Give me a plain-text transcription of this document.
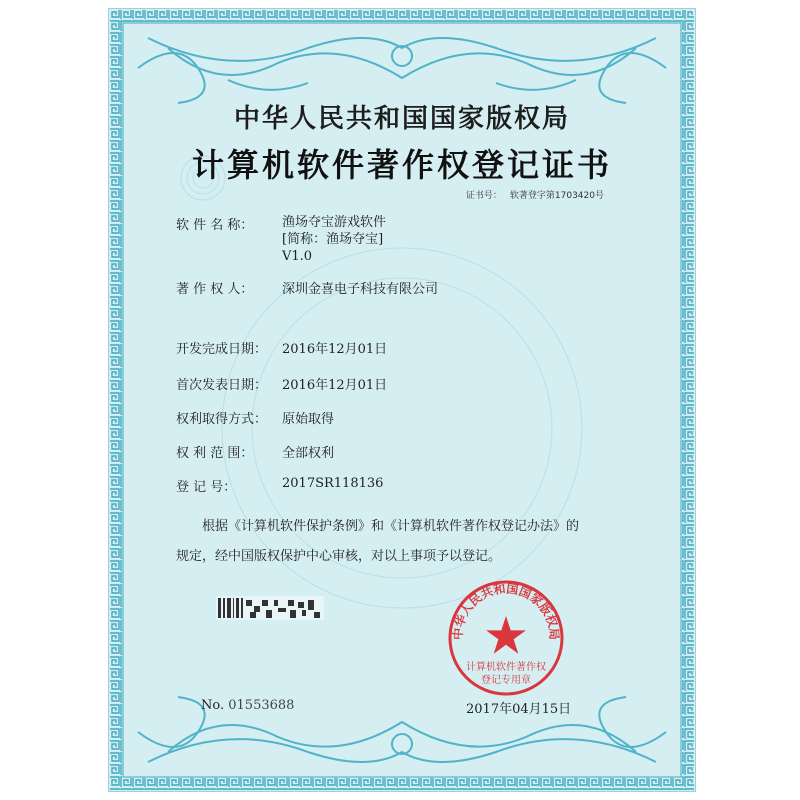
中华人民共和国国家版权局
计算机软件著作权登记证书
证书号： 软著登字第1703420号
软 件 名 称： 渔场夺宝游戏软件
[简称：渔场夺宝]
V1.0
著 作 权 人： 深圳金喜电子科技有限公司
开发完成日期： 2016年12月01日
首次发表日期： 2016年12月01日
权利取得方式： 原始取得
权 利 范 围： 全部权利
登 记 号：	2017SR118136
根据《计算机软件保护条例》和《计算机软件著作权登记办法》的
规定，经中国版权保护中心审核，对以上事项予以登记。
中华人民共和国国家版权局
计算机软件著作权
登记专用章
No. 01553688	2017年04月15日
